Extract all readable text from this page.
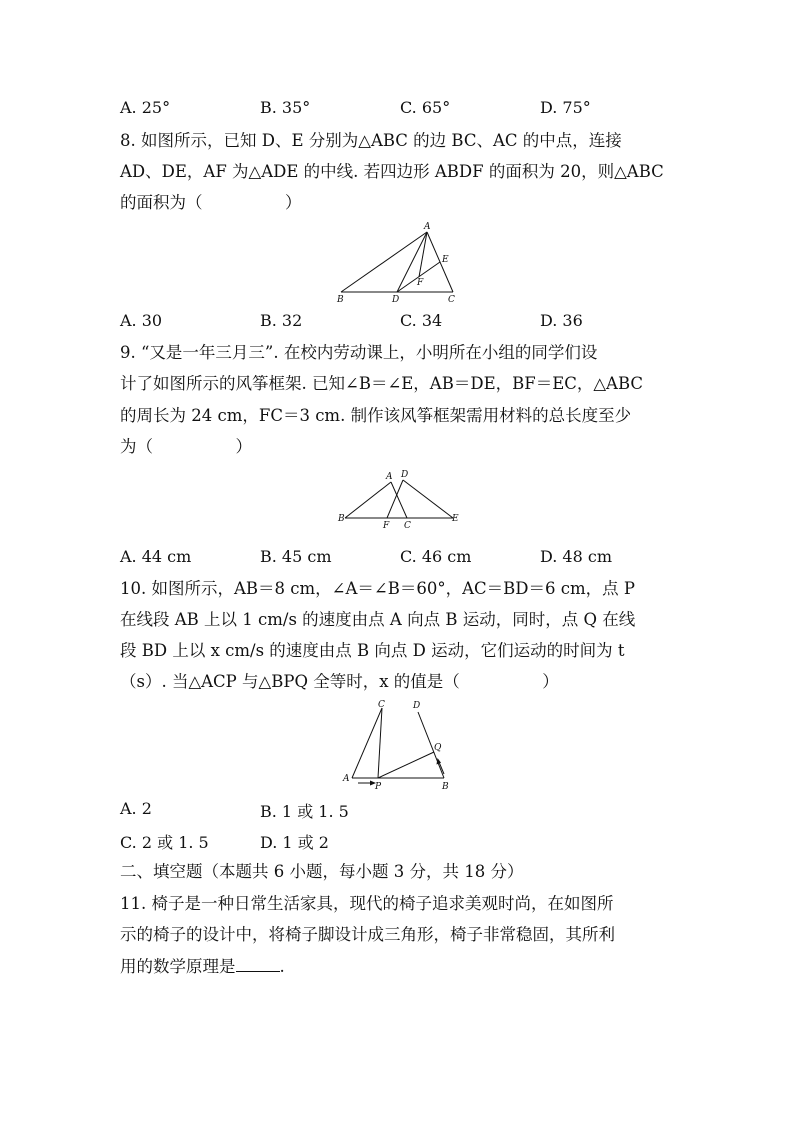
A. 25°	B. 35°	C. 65°	D. 75°
8. 如图所示，已知 D、E 分别为△ABC 的边 BC、AC 的中点，连接
AD、DE，AF 为△ADE 的中线. 若四边形 ABDF 的面积为 20，则△ABC
的面积为（　　　　　）
A
B	C
D
E
F
A. 30	B. 32	C. 34	D. 36
9. “又是一年三月三”. 在校内劳动课上，小明所在小组的同学们设
计了如图所示的风筝框架. 已知∠B＝∠E，AB＝DE，BF＝EC，△ABC
的周长为 24 cm，FC＝3 cm. 制作该风筝框架需用材料的总长度至少
为（　　　　　）
A D
B
F C
E
A. 44 cm	B. 45 cm	C. 46 cm	D. 48 cm
10. 如图所示，AB＝8 cm，∠A＝∠B＝60°，AC＝BD＝6 cm，点 P
在线段 AB 上以 1 cm/s 的速度由点 A 向点 B 运动，同时，点 Q 在线
段 BD 上以 x cm/s 的速度由点 B 向点 D 运动，它们运动的时间为 t
（s）. 当△ACP 与△BPQ 全等时，x 的值是（　　　　　）
C	D
Q
A
P	B
A. 2	B. 1 或 1. 5
C. 2 或 1. 5	D. 1 或 2
二、填空题（本题共 6 小题，每小题 3 分，共 18 分）
11. 椅子是一种日常生活家具，现代的椅子追求美观时尚，在如图所
示的椅子的设计中，将椅子脚设计成三角形，椅子非常稳固，其所利
用的数学原理是	.
